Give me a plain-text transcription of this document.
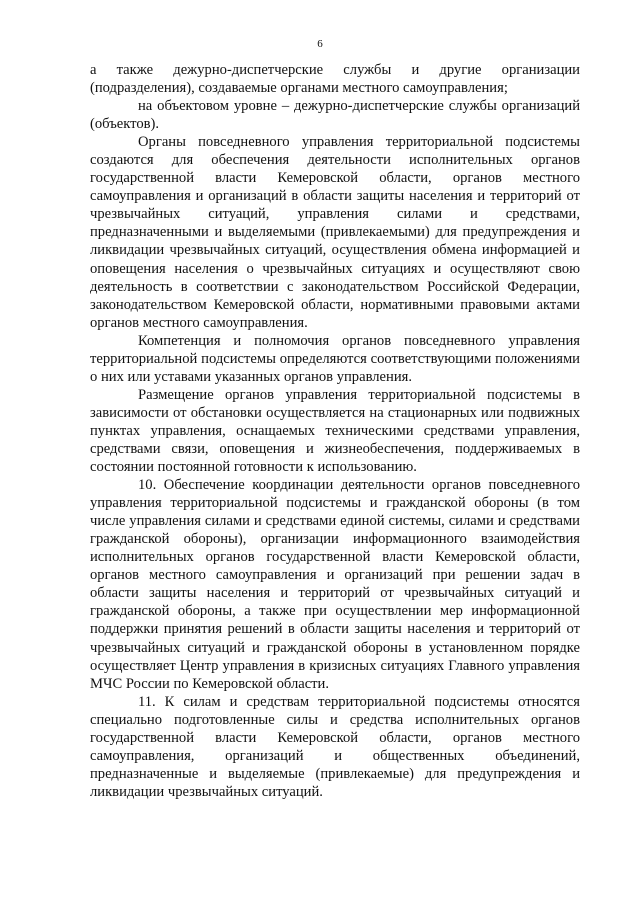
6

а также дежурно-диспетчерские службы и другие организации (подразделения), создаваемые органами местного самоуправления;

на объектовом уровне – дежурно-диспетчерские службы организаций (объектов).

Органы повседневного управления территориальной подсистемы создаются для обеспечения деятельности исполнительных органов государственной власти Кемеровской области, органов местного самоуправления и организаций в области защиты населения и территорий от чрезвычайных ситуаций, управления силами и средствами, предназначенными и выделяемыми (привлекаемыми) для предупреждения и ликвидации чрезвычайных ситуаций, осуществления обмена информацией и оповещения населения о чрезвычайных ситуациях и осуществляют свою деятельность в соответствии с законодательством Российской Федерации, законодательством Кемеровской области, нормативными правовыми актами органов местного самоуправления.

Компетенция и полномочия органов повседневного управления территориальной подсистемы определяются соответствующими положениями о них или уставами указанных органов управления.

Размещение органов управления территориальной подсистемы в зависимости от обстановки осуществляется на стационарных или подвижных пунктах управления, оснащаемых техническими средствами управления, средствами связи, оповещения и жизнеобеспечения, поддерживаемых в состоянии постоянной готовности к использованию.

10. Обеспечение координации деятельности органов повседневного управления территориальной подсистемы и гражданской обороны (в том числе управления силами и средствами единой системы, силами и средствами гражданской обороны), организации информационного взаимодействия исполнительных органов государственной власти Кемеровской области, органов местного самоуправления и организаций при решении задач в области защиты населения и территорий от чрезвычайных ситуаций и гражданской обороны, а также при осуществлении мер информационной поддержки принятия решений в области защиты населения и территорий от чрезвычайных ситуаций и гражданской обороны в установленном порядке осуществляет Центр управления в кризисных ситуациях Главного управления МЧС России по Кемеровской области.

11. К силам и средствам территориальной подсистемы относятся специально подготовленные силы и средства исполнительных органов государственной власти Кемеровской области, органов местного самоуправления, организаций и общественных объединений, предназначенные и выделяемые (привлекаемые) для предупреждения и ликвидации чрезвычайных ситуаций.
